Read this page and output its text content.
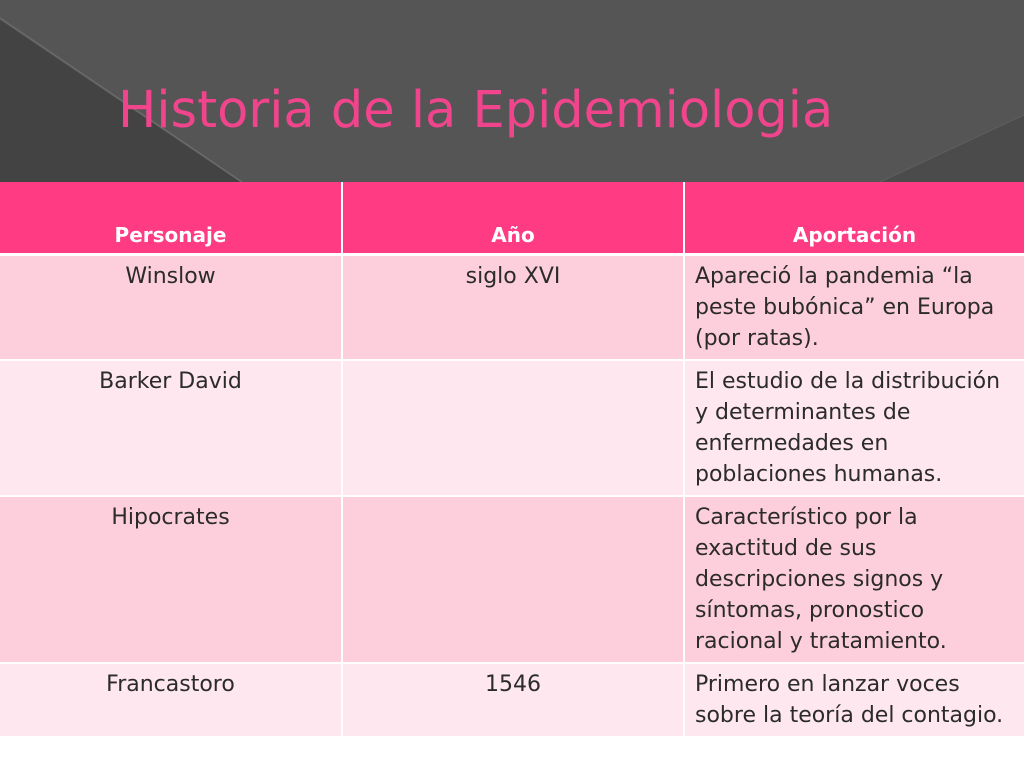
Historia de la Epidemiologia
Personaje	Año	Aportación
Winslow	siglo XVI	Apareció la pandemia “la peste bubónica” en Europa (por ratas).
Barker David		El estudio de la distribución y determinantes de enfermedades en poblaciones humanas.
Hipocrates		Característico por la exactitud de sus descripciones signos y síntomas, pronostico racional y tratamiento.
Francastoro	1546	Primero en lanzar voces sobre la teoría del contagio.
